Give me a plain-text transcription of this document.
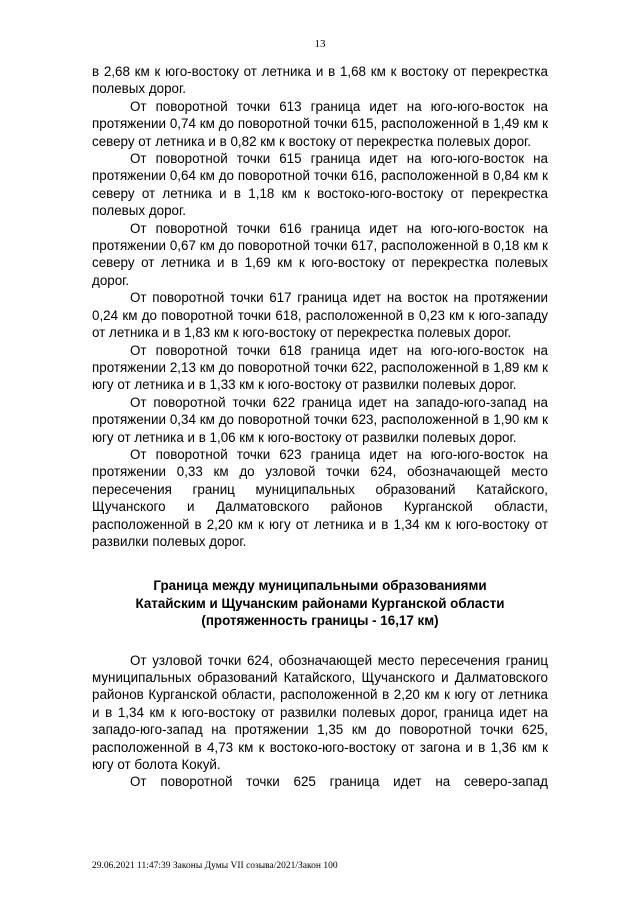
13

в 2,68 км к юго-востоку от летника и в 1,68 км к востоку от перекрестка полевых дорог.

От поворотной точки 613 граница идет на юго-юго-восток на протяжении 0,74 км до поворотной точки 615, расположенной в 1,49 км к северу от летника и в 0,82 км к востоку от перекрестка полевых дорог.

От поворотной точки 615 граница идет на юго-юго-восток на протяжении 0,64 км до поворотной точки 616, расположенной в 0,84 км к северу от летника и в 1,18 км к востоко-юго-востоку от перекрестка полевых дорог.

От поворотной точки 616 граница идет на юго-юго-восток на протяжении 0,67 км до поворотной точки 617, расположенной в 0,18 км к северу от летника и в 1,69 км к юго-востоку от перекрестка полевых дорог.

От поворотной точки 617 граница идет на восток на протяжении 0,24 км до поворотной точки 618, расположенной в 0,23 км к юго-западу от летника и в 1,83 км к юго-востоку от перекрестка полевых дорог.

От поворотной точки 618 граница идет на юго-юго-восток на протяжении 2,13 км до поворотной точки 622, расположенной в 1,89 км к югу от летника и в 1,33 км к юго-востоку от развилки полевых дорог.

От поворотной точки 622 граница идет на западо-юго-запад на протяжении 0,34 км до поворотной точки 623, расположенной в 1,90 км к югу от летника и в 1,06 км к юго-востоку от развилки полевых дорог.

От поворотной точки 623 граница идет на юго-юго-восток на протяжении 0,33 км до узловой точки 624, обозначающей место пересечения границ муниципальных образований Катайского, Щучанского и Далматовского районов Курганской области, расположенной в 2,20 км к югу от летника и в 1,34 км к юго-востоку от развилки полевых дорог.

Граница между муниципальными образованиями
Катайским и Щучанским районами Курганской области
(протяженность границы - 16,17 км)

От узловой точки 624, обозначающей место пересечения границ муниципальных образований Катайского, Щучанского и Далматовского районов Курганской области, расположенной в 2,20 км к югу от летника и в 1,34 км к юго-востоку от развилки полевых дорог, граница идет на западо-юго-запад на протяжении 1,35 км до поворотной точки 625, расположенной в 4,73 км к востоко-юго-востоку от загона и в 1,36 км к югу от болота Кокуй.

От поворотной точки 625 граница идет на северо-запад

29.06.2021 11:47:39 Законы Думы VII созыва/2021/Закон 100
